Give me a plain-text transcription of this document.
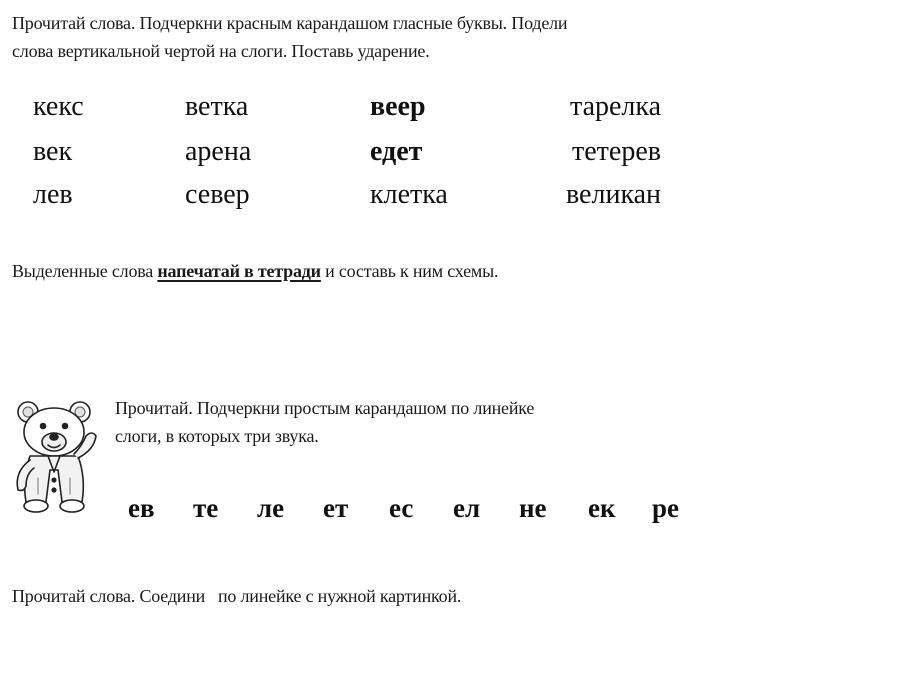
Прочитай слова. Подчеркни красным карандашом гласные буквы. Подели

слова вертикальной чертой на слоги. Поставь ударение.

кекс	ветка	веер	тарелка
век	арена	едет	тетерев
лев	север	клетка	великан
Выделенные слова напечатай в тетради и составь к ним схемы.

Прочитай. Подчеркни простым карандашом по линейке

слоги, в которых три звука.

ев те ле ет ес ел не ек ре
Прочитай слова. Соедини   по линейке с нужной картинкой.
